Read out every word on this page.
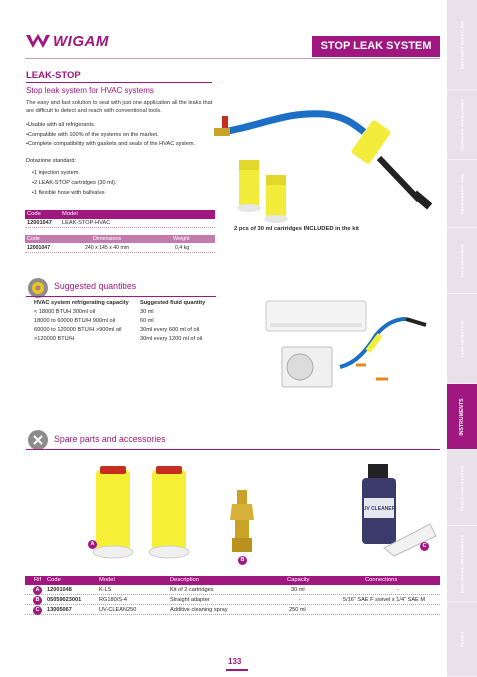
RECOVERY RECYCLING
CHARGING ANCILLARIES
REFRIGERANT GAS
VACUUM PUMPS
LEAK DETECTION
INSTRUMENTS
TOOLS FOR ELECTRIC
ELECTRONIC INSTRUMENTS
FLUIDS
WIGAM	STOP LEAK SYSTEM
LEAK-STOP
Stop leak system for HVAC systems
The easy and fast solution to seal with just one application all the leaks that are difficult to detect and reach with conventional tools.
• Usable with all refrigerants.
• Compatible with 100% of the systems on the market.
• Complete compatibility with gaskets and seals of the HVAC system.
Dotazione standard:
• 1 injection system.
• 2 LEAK-STOP cartridges (30 ml).
• 1 flexible hose with ballvalve.
Code	Model
12001047 LEAK-STOP-HVAC
Code	Dimensions	Weight
12001047	240 x 145 x 40 mm	0,4 kg
2 pcs of 30 ml cartridges INCLUDED in the kit
Suggested quantities
HVAC system refrigerating capacity Suggested fluid quantity
< 18000 BTUH 300ml oil	30 ml
18000 to 60000 BTU/H 900ml oil	60 ml
60000 to 120000 BTU/H >900ml oil	30ml every 600 ml of oil
>120000 BTU/H	30ml every 1200 ml of oil
Spare parts and accessories
A
B
UV CLEANER
C
Rif Code	Model	Description	Capacity	Connections
A	12001048	K-LS	Kit of 2 cartridges	30 ml	-
B	05059023001	RG180/S-4	Straight adapter	-	5/16" SAE F swivel x 1/4" SAE M
C	13005067	UV-CLEAN250	Additive cleaning spray	250 ml
133
